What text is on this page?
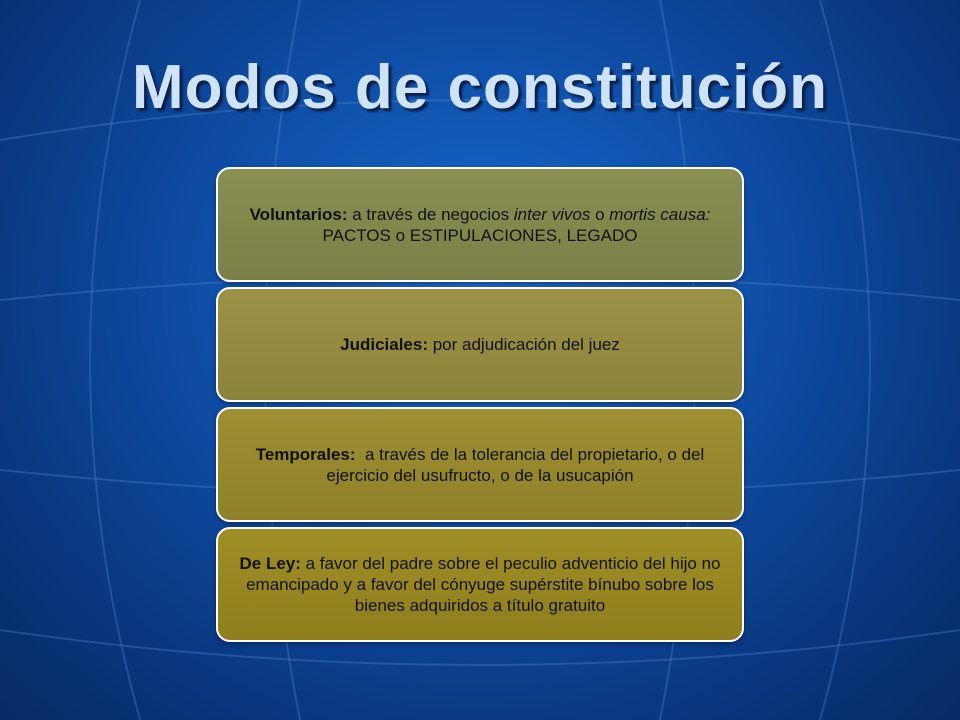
Modos de constitución

Voluntarios: a través de negocios inter vivos o mortis causa: PACTOS o ESTIPULACIONES, LEGADO

Judiciales: por adjudicación del juez

Temporales:  a través de la tolerancia del propietario, o del ejercicio del usufructo, o de la usucapión

De Ley: a favor del padre sobre el peculio adventicio del hijo no emancipado y a favor del cónyuge supérstite bínubo sobre los bienes adquiridos a título gratuito
